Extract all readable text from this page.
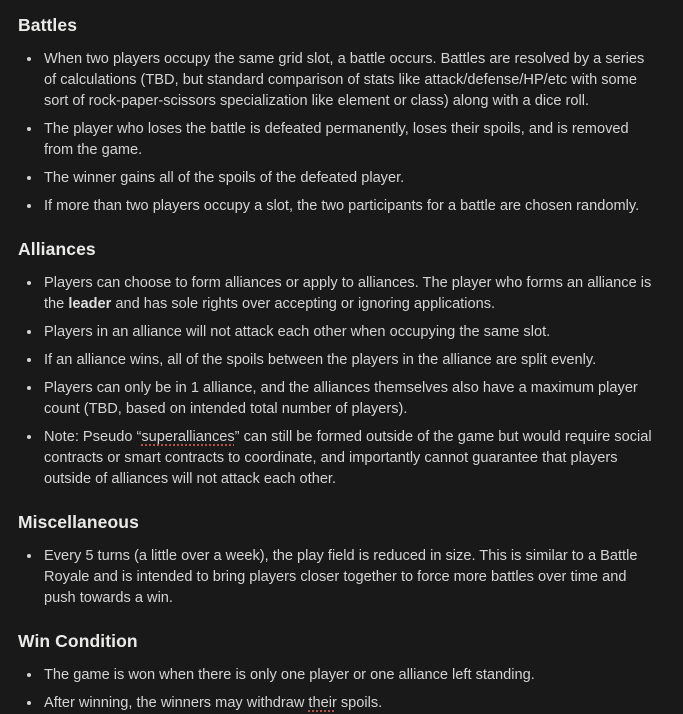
Battles
• When two players occupy the same grid slot, a battle occurs. Battles are resolved by a series of calculations (TBD, but standard comparison of stats like attack/defense/HP/etc with some sort of rock-paper-scissors specialization like element or class) along with a dice roll.
• The player who loses the battle is defeated permanently, loses their spoils, and is removed from the game.
• The winner gains all of the spoils of the defeated player.
• If more than two players occupy a slot, the two participants for a battle are chosen randomly.
Alliances
• Players can choose to form alliances or apply to alliances. The player who forms an alliance is the leader and has sole rights over accepting or ignoring applications.
• Players in an alliance will not attack each other when occupying the same slot.
• If an alliance wins, all of the spoils between the players in the alliance are split evenly.
• Players can only be in 1 alliance, and the alliances themselves also have a maximum player count (TBD, based on intended total number of players).
• Note: Pseudo “superalliances” can still be formed outside of the game but would require social contracts or smart contracts to coordinate, and importantly cannot guarantee that players outside of alliances will not attack each other.
Miscellaneous
• Every 5 turns (a little over a week), the play field is reduced in size. This is similar to a Battle Royale and is intended to bring players closer together to force more battles over time and push towards a win.
Win Condition
• The game is won when there is only one player or one alliance left standing.
• After winning, the winners may withdraw their spoils.
